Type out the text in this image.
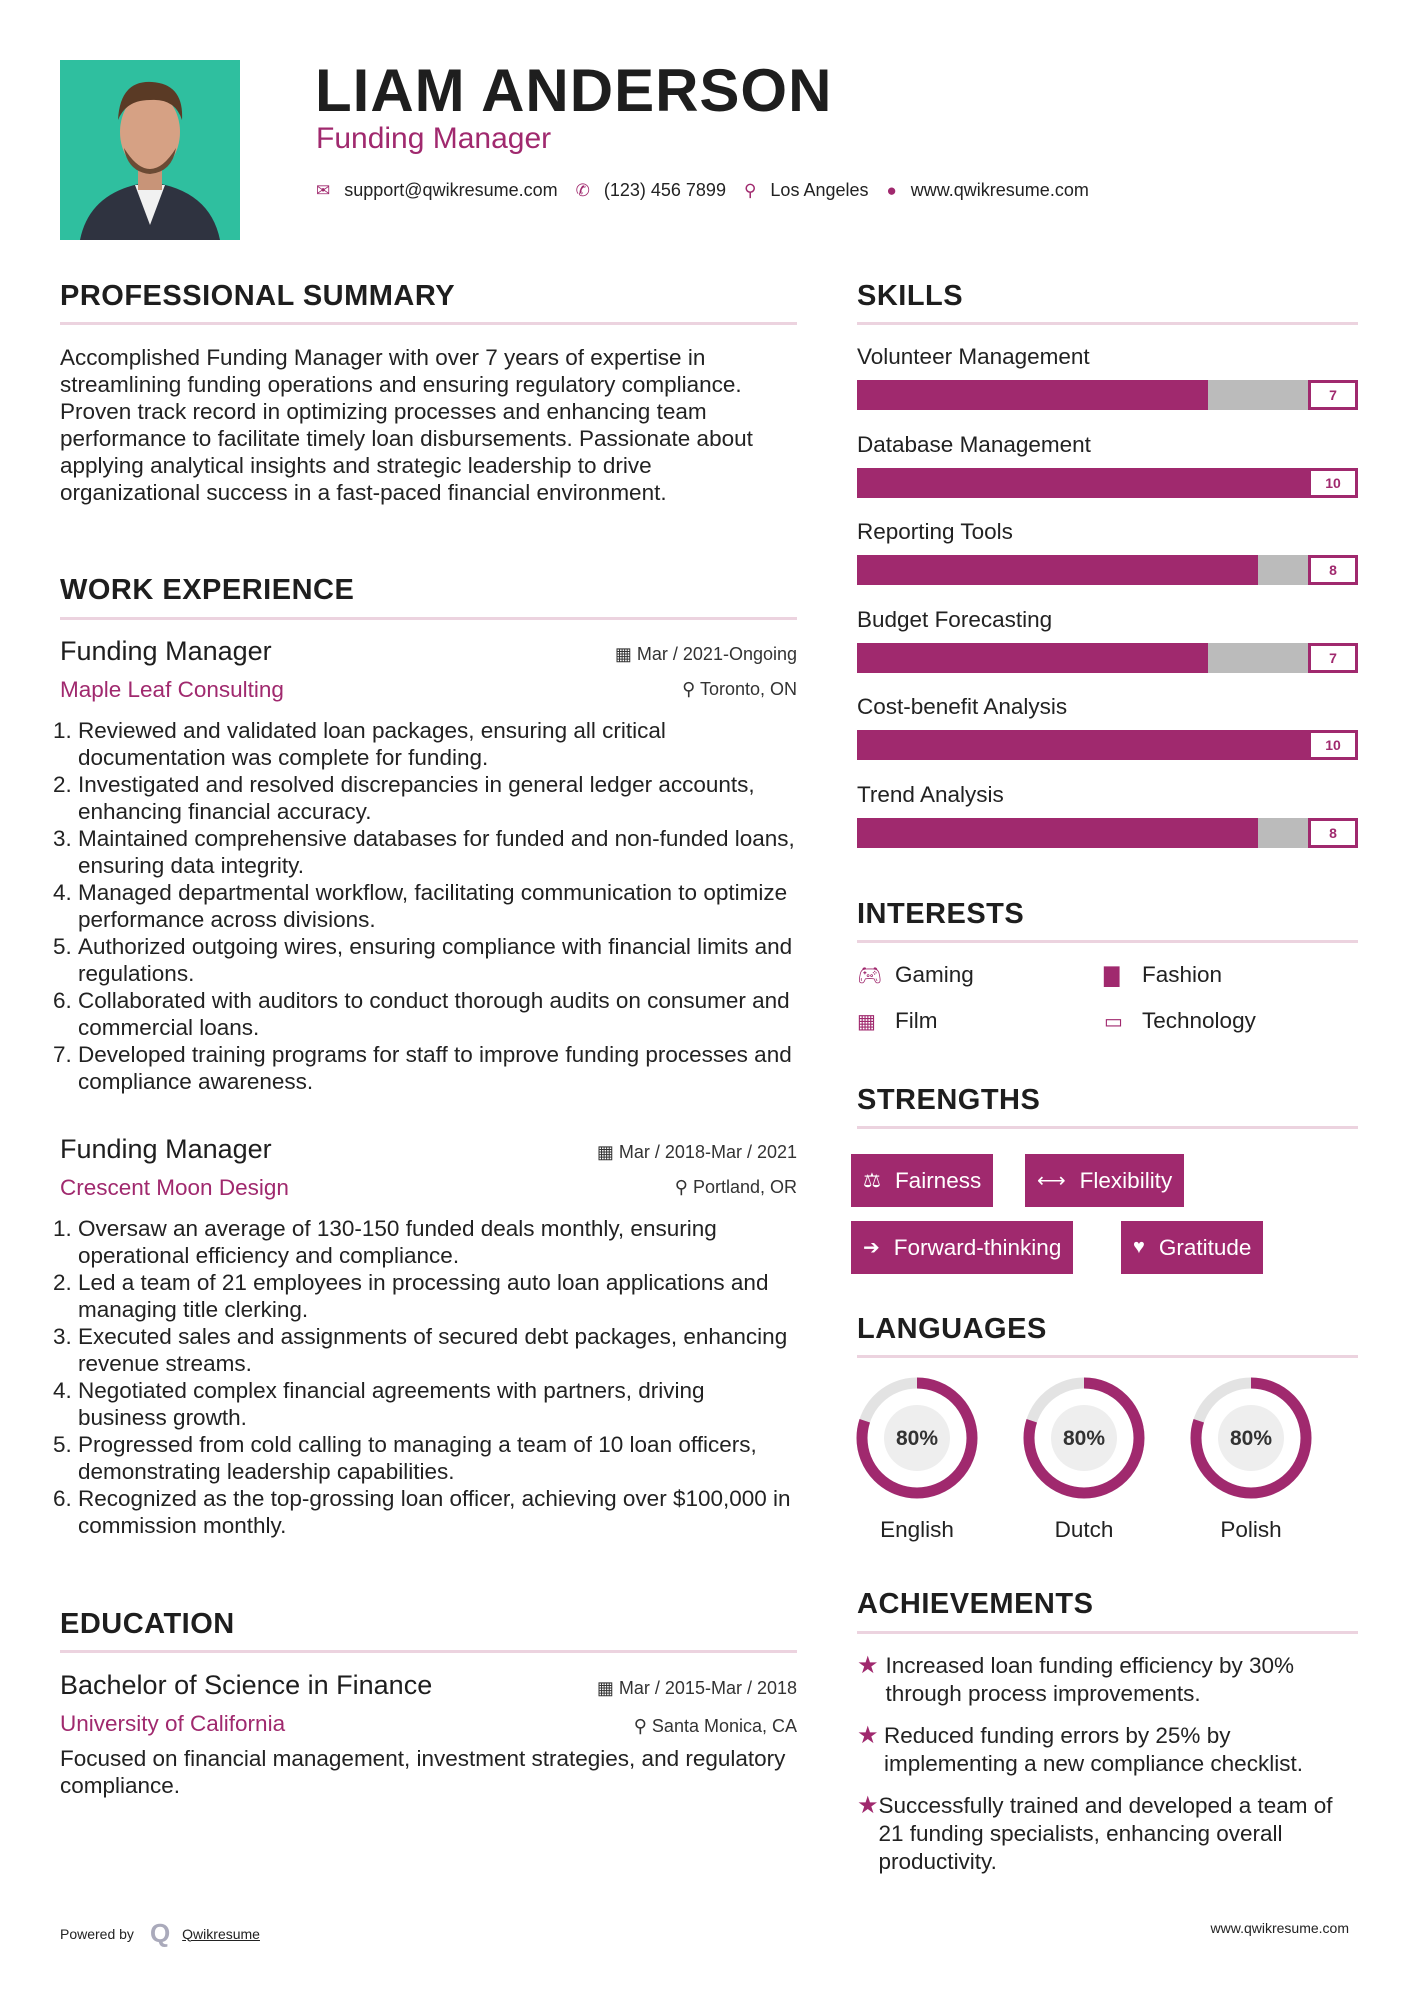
LIAM ANDERSON
Funding Manager
✉ support@qwikresume.com ✆ (123) 456 7899 ⚲ Los Angeles ● www.qwikresume.com
PROFESSIONAL SUMMARY
Accomplished Funding Manager with over 7 years of expertise in streamlining funding operations and ensuring regulatory compliance. Proven track record in optimizing processes and enhancing team performance to facilitate timely loan disbursements. Passionate about applying analytical insights and strategic leadership to drive organizational success in a fast-paced financial environment.
WORK EXPERIENCE
Funding Manager
Maple Leaf Consulting
▦ Mar / 2021-Ongoing
⚲ Toronto, ON
1. Reviewed and validated loan packages, ensuring all critical documentation was complete for funding.
2. Investigated and resolved discrepancies in general ledger accounts, enhancing financial accuracy.
3. Maintained comprehensive databases for funded and non-funded loans, ensuring data integrity.
4. Managed departmental workflow, facilitating communication to optimize performance across divisions.
5. Authorized outgoing wires, ensuring compliance with financial limits and regulations.
6. Collaborated with auditors to conduct thorough audits on consumer and commercial loans.
7. Developed training programs for staff to improve funding processes and compliance awareness.
Funding Manager
Crescent Moon Design
▦ Mar / 2018-Mar / 2021
⚲ Portland, OR
1. Oversaw an average of 130-150 funded deals monthly, ensuring operational efficiency and compliance.
2. Led a team of 21 employees in processing auto loan applications and managing title clerking.
3. Executed sales and assignments of secured debt packages, enhancing revenue streams.
4. Negotiated complex financial agreements with partners, driving business growth.
5. Progressed from cold calling to managing a team of 10 loan officers, demonstrating leadership capabilities.
6. Recognized as the top-grossing loan officer, achieving over $100,000 in commission monthly.
EDUCATION
Bachelor of Science in Finance
University of California
▦ Mar / 2015-Mar / 2018
⚲ Santa Monica, CA
Focused on financial management, investment strategies, and regulatory compliance.
SKILLS
Volunteer Management
7
Database Management
10
Reporting Tools
8
Budget Forecasting
7
Cost-benefit Analysis
10
Trend Analysis
8
INTERESTS
🎮︎ Gaming	▇	Fashion
▦ Film	▭ Technology
STRENGTHS
⚖ Fairness	⟷ Flexibility
➔ Forward-thinking	♥ Gratitude
LANGUAGES
80%
English
80%
Dutch
80%
Polish
ACHIEVEMENTS
★ Increased loan funding efficiency by 30% through process improvements.
★ Reduced funding errors by 25% by implementing a new compliance checklist.
★ Successfully trained and developed a team of 21 funding specialists, enhancing overall productivity.
Powered by Q Qwikresume	www.qwikresume.com
